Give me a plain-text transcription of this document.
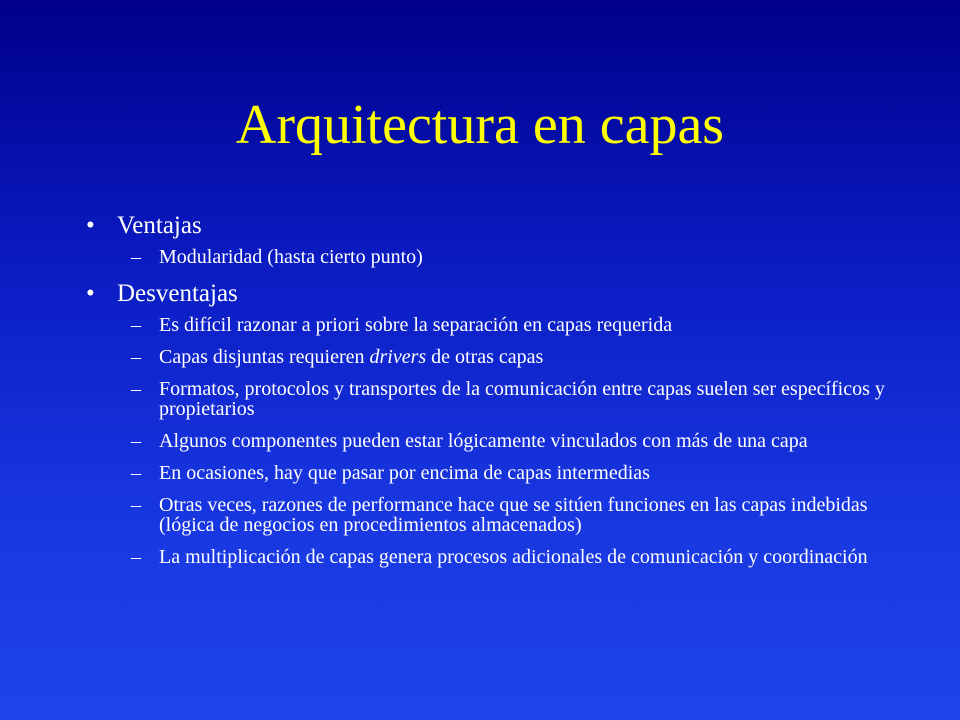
Arquitectura en capas
• Ventajas
– Modularidad (hasta cierto punto)
• Desventajas
– Es difícil razonar a priori sobre la separación en capas requerida
– Capas disjuntas requieren drivers de otras capas
– Formatos, protocolos y transportes de la comunicación entre capas suelen ser específicos y propietarios
– Algunos componentes pueden estar lógicamente vinculados con más de una capa
– En ocasiones, hay que pasar por encima de capas intermedias
– Otras veces, razones de performance hace que se sitúen funciones en las capas indebidas (lógica de negocios en procedimientos almacenados)
– La multiplicación de capas genera procesos adicionales de comunicación y coordinación
